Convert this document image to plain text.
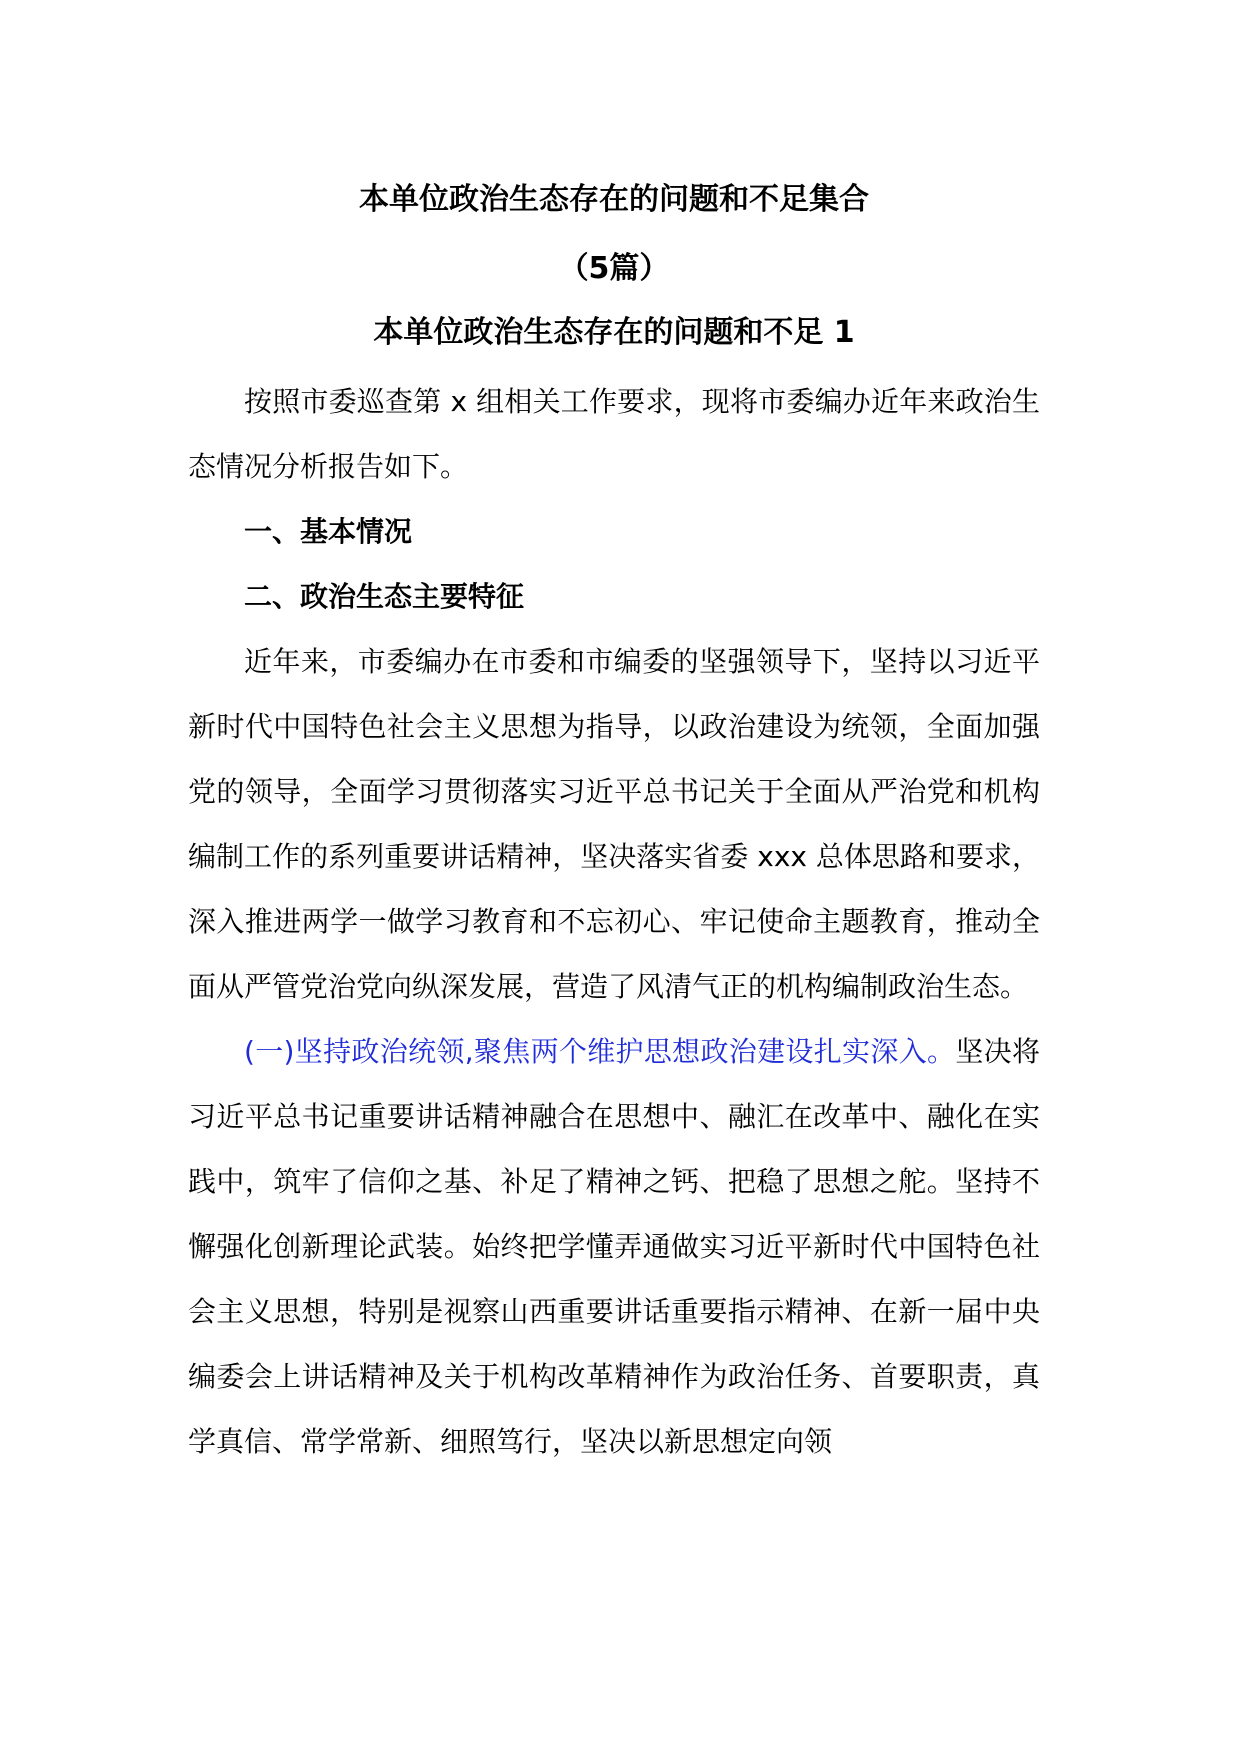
本单位政治生态存在的问题和不足集合
（5篇）
本单位政治生态存在的问题和不足 1

按照市委巡查第 x 组相关工作要求，现将市委编办近年来政治生态情况分析报告如下。

一、基本情况

二、政治生态主要特征

近年来，市委编办在市委和市编委的坚强领导下，坚持以习近平新时代中国特色社会主义思想为指导，以政治建设为统领，全面加强党的领导，全面学习贯彻落实习近平总书记关于全面从严治党和机构编制工作的系列重要讲话精神，坚决落实省委 xxx 总体思路和要求，深入推进两学一做学习教育和不忘初心、牢记使命主题教育，推动全面从严管党治党向纵深发展，营造了风清气正的机构编制政治生态。

(一)坚持政治统领,聚焦两个维护思想政治建设扎实深入。坚决将习近平总书记重要讲话精神融合在思想中、融汇在改革中、融化在实践中，筑牢了信仰之基、补足了精神之钙、把稳了思想之舵。坚持不懈强化创新理论武装。始终把学懂弄通做实习近平新时代中国特色社会主义思想，特别是视察山西重要讲话重要指示精神、在新一届中央编委会上讲话精神及关于机构改革精神作为政治任务、首要职责，真学真信、常学常新、细照笃行，坚决以新思想定向领
